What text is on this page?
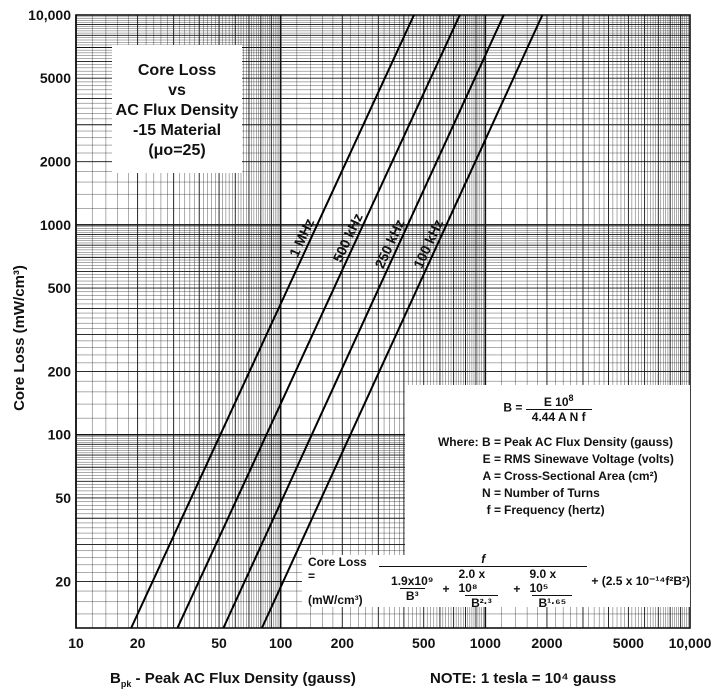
1 MHz 500 kHz 250 kHz 100 kHz
10	20	50	100	200	500 1000 2000	5000 10,000
20
50
100
200
500
1000
2000
5000
10,000
Core Loss (mW/cm³)
Core Loss
vs
AC Flux Density
-15 Material
(μo=25)
$B = \frac{E 10^8}{\text{4.44 A N f}}$
Where: B = Peak AC Flux Density (gauss)
E = RMS Sinewave Voltage (volts)
A = Cross-Sectional Area (cm²)
N = Number of Turns
f = Frequency (hertz)
Core Loss =
(mW/cm³)
f
$\frac{\text{1.9x10⁹}}{\text{B³}} + \frac{\text{2.0 x 10⁸}}{\text{B²·³}} + \frac{\text{9.0 x 10⁵}}{\text{B¹·⁶⁵}} + (2.5$ x 10⁻¹⁴f²B²)
$B_{pk}$ - Peak AC Flux Density (gauss)	NOTE: 1 tesla = 10⁴ gauss
